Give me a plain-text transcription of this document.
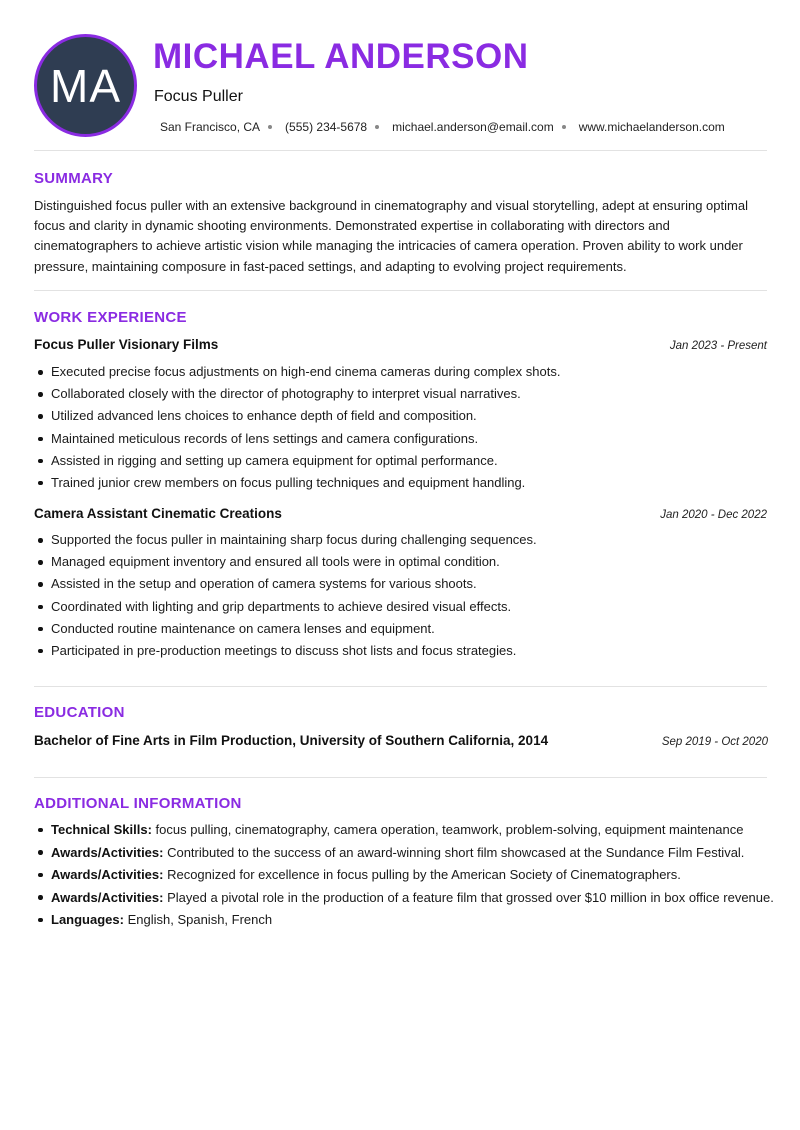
MA
MICHAEL ANDERSON
Focus Puller
San Francisco, CA (555) 234-5678 michael.anderson@email.com www.michaelanderson.com
SUMMARY

Distinguished focus puller with an extensive background in cinematography and visual storytelling, adept at ensuring optimal focus and clarity in dynamic shooting environments. Demonstrated expertise in collaborating with directors and cinematographers to achieve artistic vision while managing the intricacies of camera operation. Proven ability to work under pressure, maintaining composure in fast-paced settings, and adapting to evolving project requirements.

WORK EXPERIENCE
Focus Puller Visionary Films	Jan 2023 - Present
Executed precise focus adjustments on high-end cinema cameras during complex shots.
Collaborated closely with the director of photography to interpret visual narratives.
Utilized advanced lens choices to enhance depth of field and composition.
Maintained meticulous records of lens settings and camera configurations.
Assisted in rigging and setting up camera equipment for optimal performance.
Trained junior crew members on focus pulling techniques and equipment handling.
Camera Assistant Cinematic Creations	Jan 2020 - Dec 2022
Supported the focus puller in maintaining sharp focus during challenging sequences.
Managed equipment inventory and ensured all tools were in optimal condition.
Assisted in the setup and operation of camera systems for various shoots.
Coordinated with lighting and grip departments to achieve desired visual effects.
Conducted routine maintenance on camera lenses and equipment.
Participated in pre-production meetings to discuss shot lists and focus strategies.
EDUCATION
Bachelor of Fine Arts in Film Production, University of Southern California, 2014	Sep 2019 - Oct 2020
ADDITIONAL INFORMATION
Technical Skills: focus pulling, cinematography, camera operation, teamwork, problem-solving, equipment maintenance
Awards/Activities: Contributed to the success of an award-winning short film showcased at the Sundance Film Festival.
Awards/Activities: Recognized for excellence in focus pulling by the American Society of Cinematographers.
Awards/Activities: Played a pivotal role in the production of a feature film that grossed over $10 million in box office revenue.
Languages: English, Spanish, French
